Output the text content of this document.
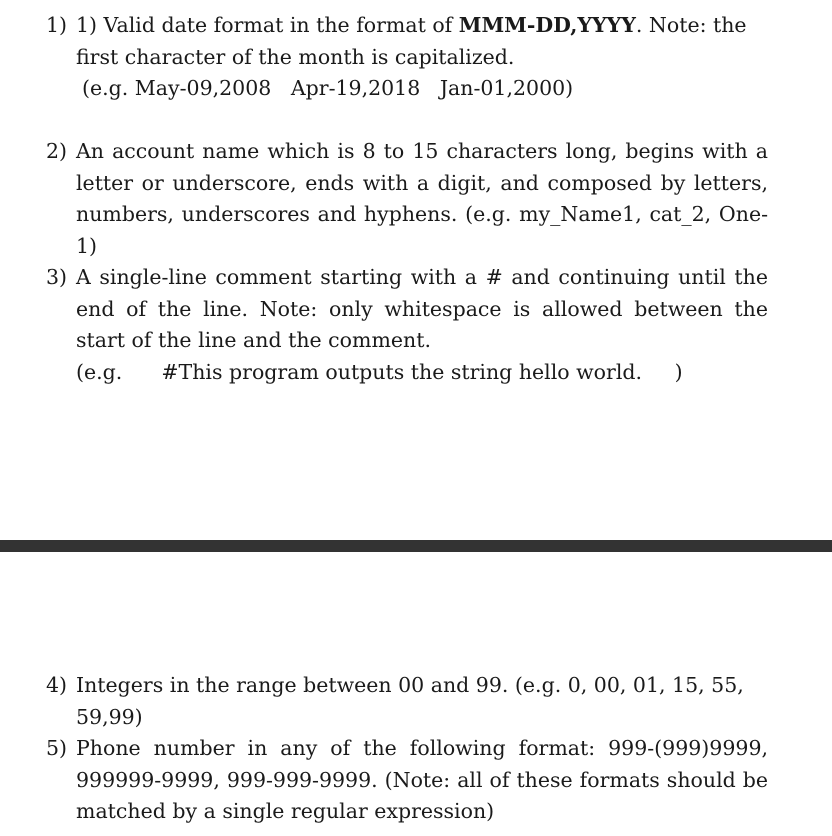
1) 1) Valid date format in the format of MMM-DD,YYYY. Note: the first character of the month is capitalized.
(e.g. May-09,2008   Apr-19,2018   Jan-01,2000)
2) An account name which is 8 to 15 characters long, begins with a letter or underscore, ends with a digit, and composed by letters, numbers, underscores and hyphens. (e.g. my_Name1, cat_2, One-1)
3) A single-line comment starting with a # and continuing until the end of the line. Note: only whitespace is allowed between the start of the line and the comment.
(e.g.      #This program outputs the string hello world.     )
4) Integers in the range between 00 and 99. (e.g. 0, 00, 01, 15, 55, 59,99)
5) Phone number in any of the following format: 999-(999)9999, 999999-9999, 999-999-9999. (Note: all of these formats should be matched by a single regular expression)
